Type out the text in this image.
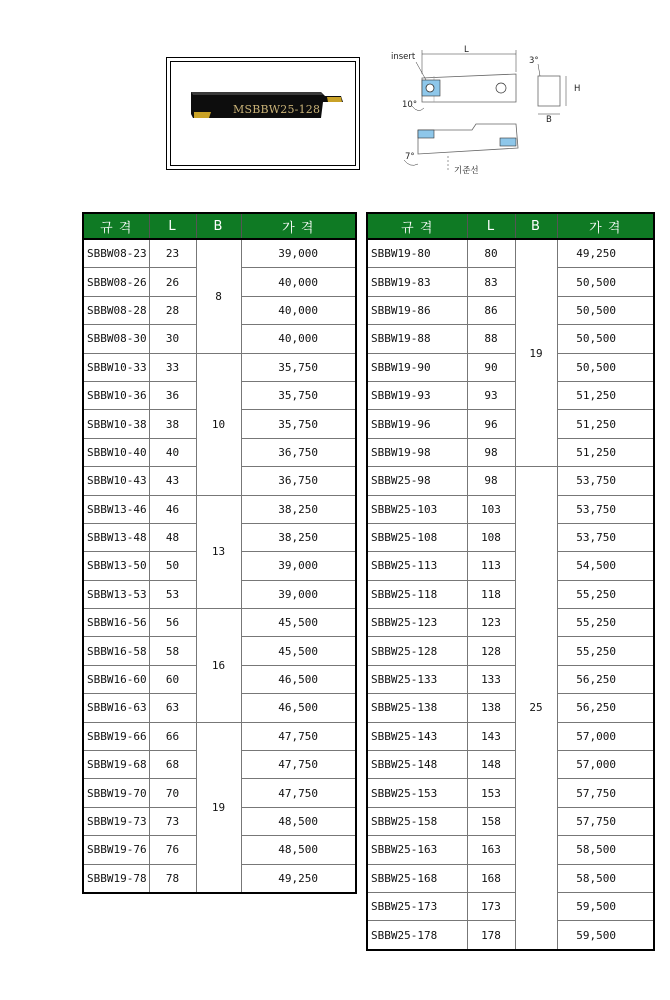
MSBBW25-128
insert
L
3°
H
B
10°
7°
기준선
규 격	L	B	가 격
SBBW08-23	23	8	39,000
SBBW08-26	26		40,000
SBBW08-28	28		40,000
SBBW08-30	30		40,000
SBBW10-33	33	10	35,750
SBBW10-36	36		35,750
SBBW10-38	38		35,750
SBBW10-40	40		36,750
SBBW10-43	43		36,750
SBBW13-46	46	13	38,250
SBBW13-48	48		38,250
SBBW13-50	50		39,000
SBBW13-53	53		39,000
SBBW16-56	56	16	45,500
SBBW16-58	58		45,500
SBBW16-60	60		46,500
SBBW16-63	63		46,500
SBBW19-66	66	19	47,750
SBBW19-68	68		47,750
SBBW19-70	70		47,750
SBBW19-73	73		48,500
SBBW19-76	76		48,500
SBBW19-78	78		49,250
규 격	L	B	가 격
SBBW19-80	80	19	49,250
SBBW19-83	83		50,500
SBBW19-86	86		50,500
SBBW19-88	88		50,500
SBBW19-90	90		50,500
SBBW19-93	93		51,250
SBBW19-96	96		51,250
SBBW19-98	98		51,250
SBBW25-98	98	25	53,750
SBBW25-103	103		53,750
SBBW25-108	108		53,750
SBBW25-113	113		54,500
SBBW25-118	118		55,250
SBBW25-123	123		55,250
SBBW25-128	128		55,250
SBBW25-133	133		56,250
SBBW25-138	138		56,250
SBBW25-143	143		57,000
SBBW25-148	148		57,000
SBBW25-153	153		57,750
SBBW25-158	158		57,750
SBBW25-163	163		58,500
SBBW25-168	168		58,500
SBBW25-173	173		59,500
SBBW25-178	178		59,500
